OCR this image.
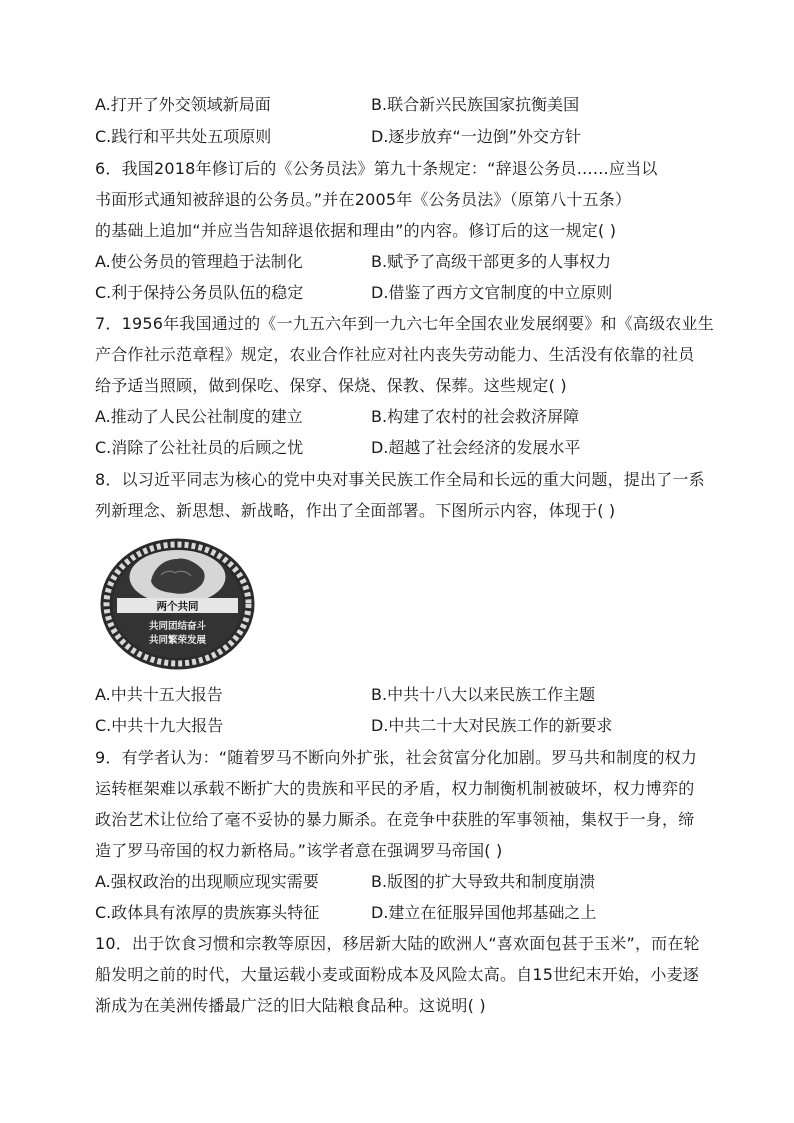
A.打开了外交领域新局面	B.联合新兴民族国家抗衡美国
C.践行和平共处五项原则	D.逐步放弃“一边倒”外交方针
6．我国2018年修订后的《公务员法》第九十条规定：“辞退公务员……应当以
书面形式通知被辞退的公务员。”并在2005年《公务员法》（原第八十五条）
的基础上追加“并应当告知辞退依据和理由”的内容。修订后的这一规定( )
A.使公务员的管理趋于法制化	B.赋予了高级干部更多的人事权力
C.利于保持公务员队伍的稳定	D.借鉴了西方文官制度的中立原则
7．1956年我国通过的《一九五六年到一九六七年全国农业发展纲要》和《高级农业生
产合作社示范章程》规定，农业合作社应对社内丧失劳动能力、生活没有依靠的社员
给予适当照顾，做到保吃、保穿、保烧、保教、保葬。这些规定( )
A.推动了人民公社制度的建立	B.构建了农村的社会救济屏障
C.消除了公社社员的后顾之忧	D.超越了社会经济的发展水平
8．以习近平同志为核心的党中央对事关民族工作全局和长远的重大问题，提出了一系
列新理念、新思想、新战略，作出了全面部署。下图所示内容，体现于( )
两个共同
共同团结奋斗
共同繁荣发展
A.中共十五大报告	B.中共十八大以来民族工作主题
C.中共十九大报告	D.中共二十大对民族工作的新要求
9．有学者认为：“随着罗马不断向外扩张，社会贫富分化加剧。罗马共和制度的权力
运转框架难以承载不断扩大的贵族和平民的矛盾，权力制衡机制被破坏，权力博弈的
政治艺术让位给了毫不妥协的暴力厮杀。在竞争中获胜的军事领袖，集权于一身，缔
造了罗马帝国的权力新格局。”该学者意在强调罗马帝国( )
A.强权政治的出现顺应现实需要	B.版图的扩大导致共和制度崩溃
C.政体具有浓厚的贵族寡头特征	D.建立在征服异国他邦基础之上
10．出于饮食习惯和宗教等原因，移居新大陆的欧洲人“喜欢面包甚于玉米”，而在轮
船发明之前的时代，大量运载小麦或面粉成本及风险太高。自15世纪末开始，小麦逐
渐成为在美洲传播最广泛的旧大陆粮食品种。这说明( )
